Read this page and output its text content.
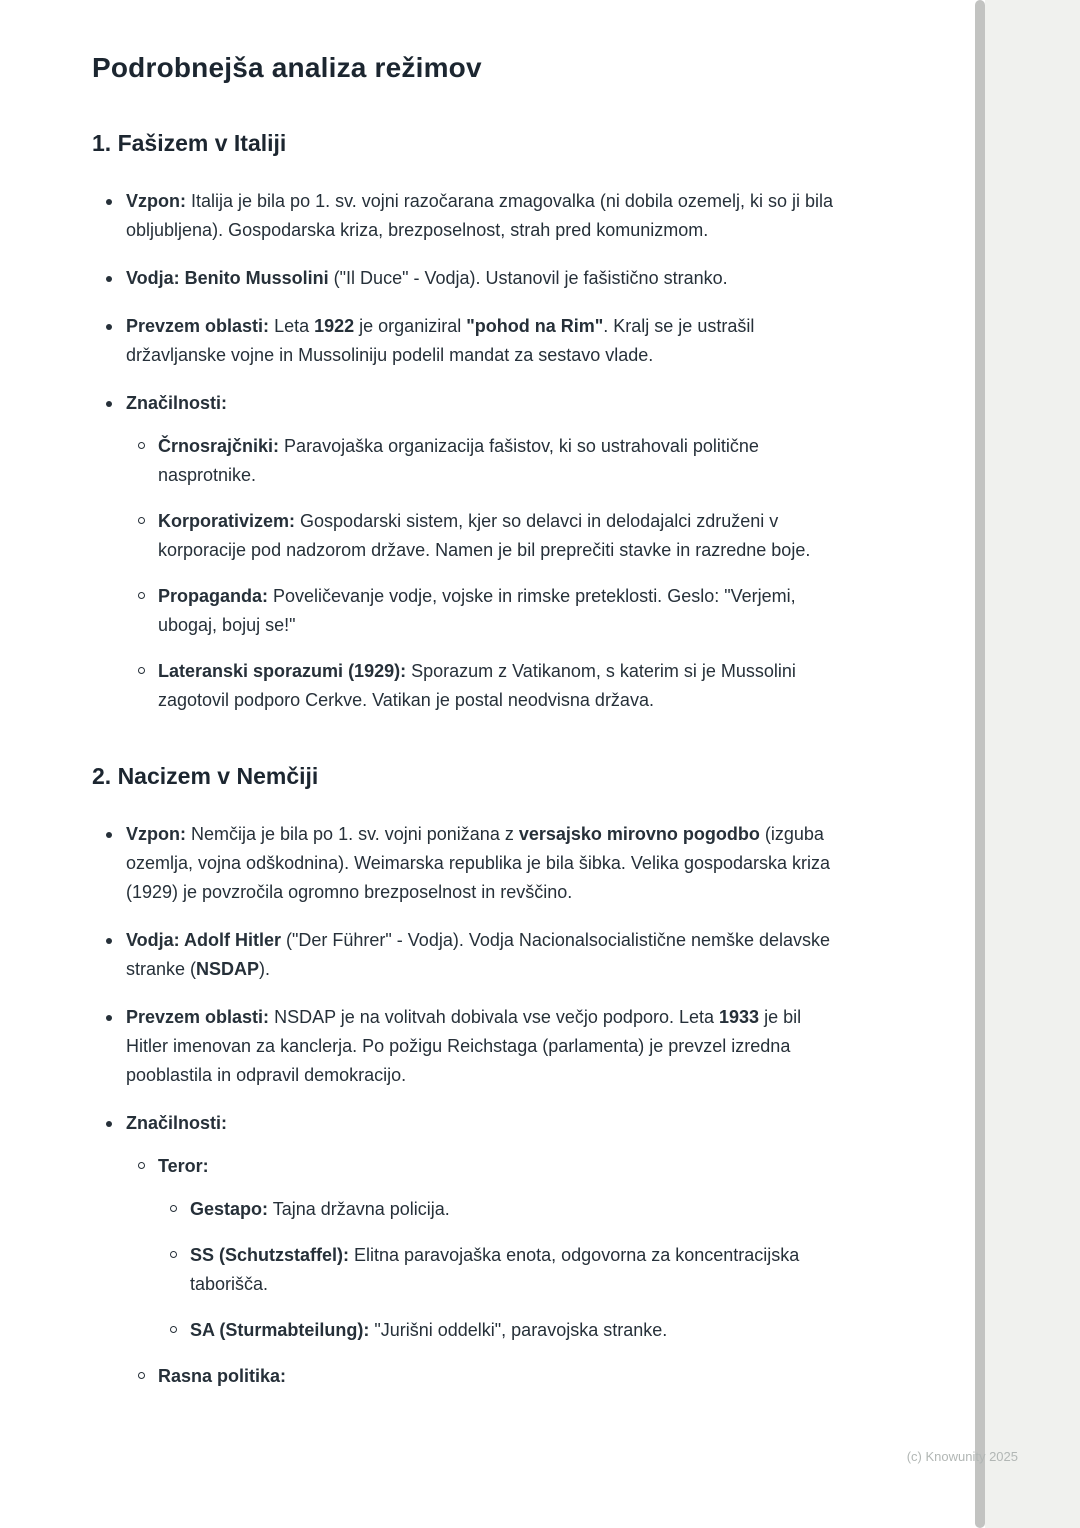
Podrobnejša analiza režimov
1. Fašizem v Italiji
Vzpon: Italija je bila po 1. sv. vojni razočarana zmagovalka (ni dobila ozemelj, ki so ji bila obljubljena). Gospodarska kriza, brezposelnost, strah pred komunizmom.
Vodja: Benito Mussolini ("Il Duce" - Vodja). Ustanovil je fašistično stranko.
Prevzem oblasti: Leta 1922 je organiziral "pohod na Rim". Kralj se je ustrašil državljanske vojne in Mussoliniju podelil mandat za sestavo vlade.
Značilnosti:
Črnosrajčniki: Paravojaška organizacija fašistov, ki so ustrahovali politične nasprotnike.
Korporativizem: Gospodarski sistem, kjer so delavci in delodajalci združeni v korporacije pod nadzorom države. Namen je bil preprečiti stavke in razredne boje.
Propaganda: Poveličevanje vodje, vojske in rimske preteklosti. Geslo: "Verjemi, ubogaj, bojuj se!"
Lateranski sporazumi (1929): Sporazum z Vatikanom, s katerim si je Mussolini zagotovil podporo Cerkve. Vatikan je postal neodvisna država.
2. Nacizem v Nemčiji
Vzpon: Nemčija je bila po 1. sv. vojni ponižana z versajsko mirovno pogodbo (izguba ozemlja, vojna odškodnina). Weimarska republika je bila šibka. Velika gospodarska kriza (1929) je povzročila ogromno brezposelnost in revščino.
Vodja: Adolf Hitler ("Der Führer" - Vodja). Vodja Nacionalsocialistične nemške delavske stranke (NSDAP).
Prevzem oblasti: NSDAP je na volitvah dobivala vse večjo podporo. Leta 1933 je bil Hitler imenovan za kanclerja. Po požigu Reichstaga (parlamenta) je prevzel izredna pooblastila in odpravil demokracijo.
Značilnosti:
Teror:
Gestapo: Tajna državna policija.
SS (Schutzstaffel): Elitna paravojaška enota, odgovorna za koncentracijska taborišča.
SA (Sturmabteilung): "Jurišni oddelki", paravojska stranke.
Rasna politika:
(c) Knowunity 2025
